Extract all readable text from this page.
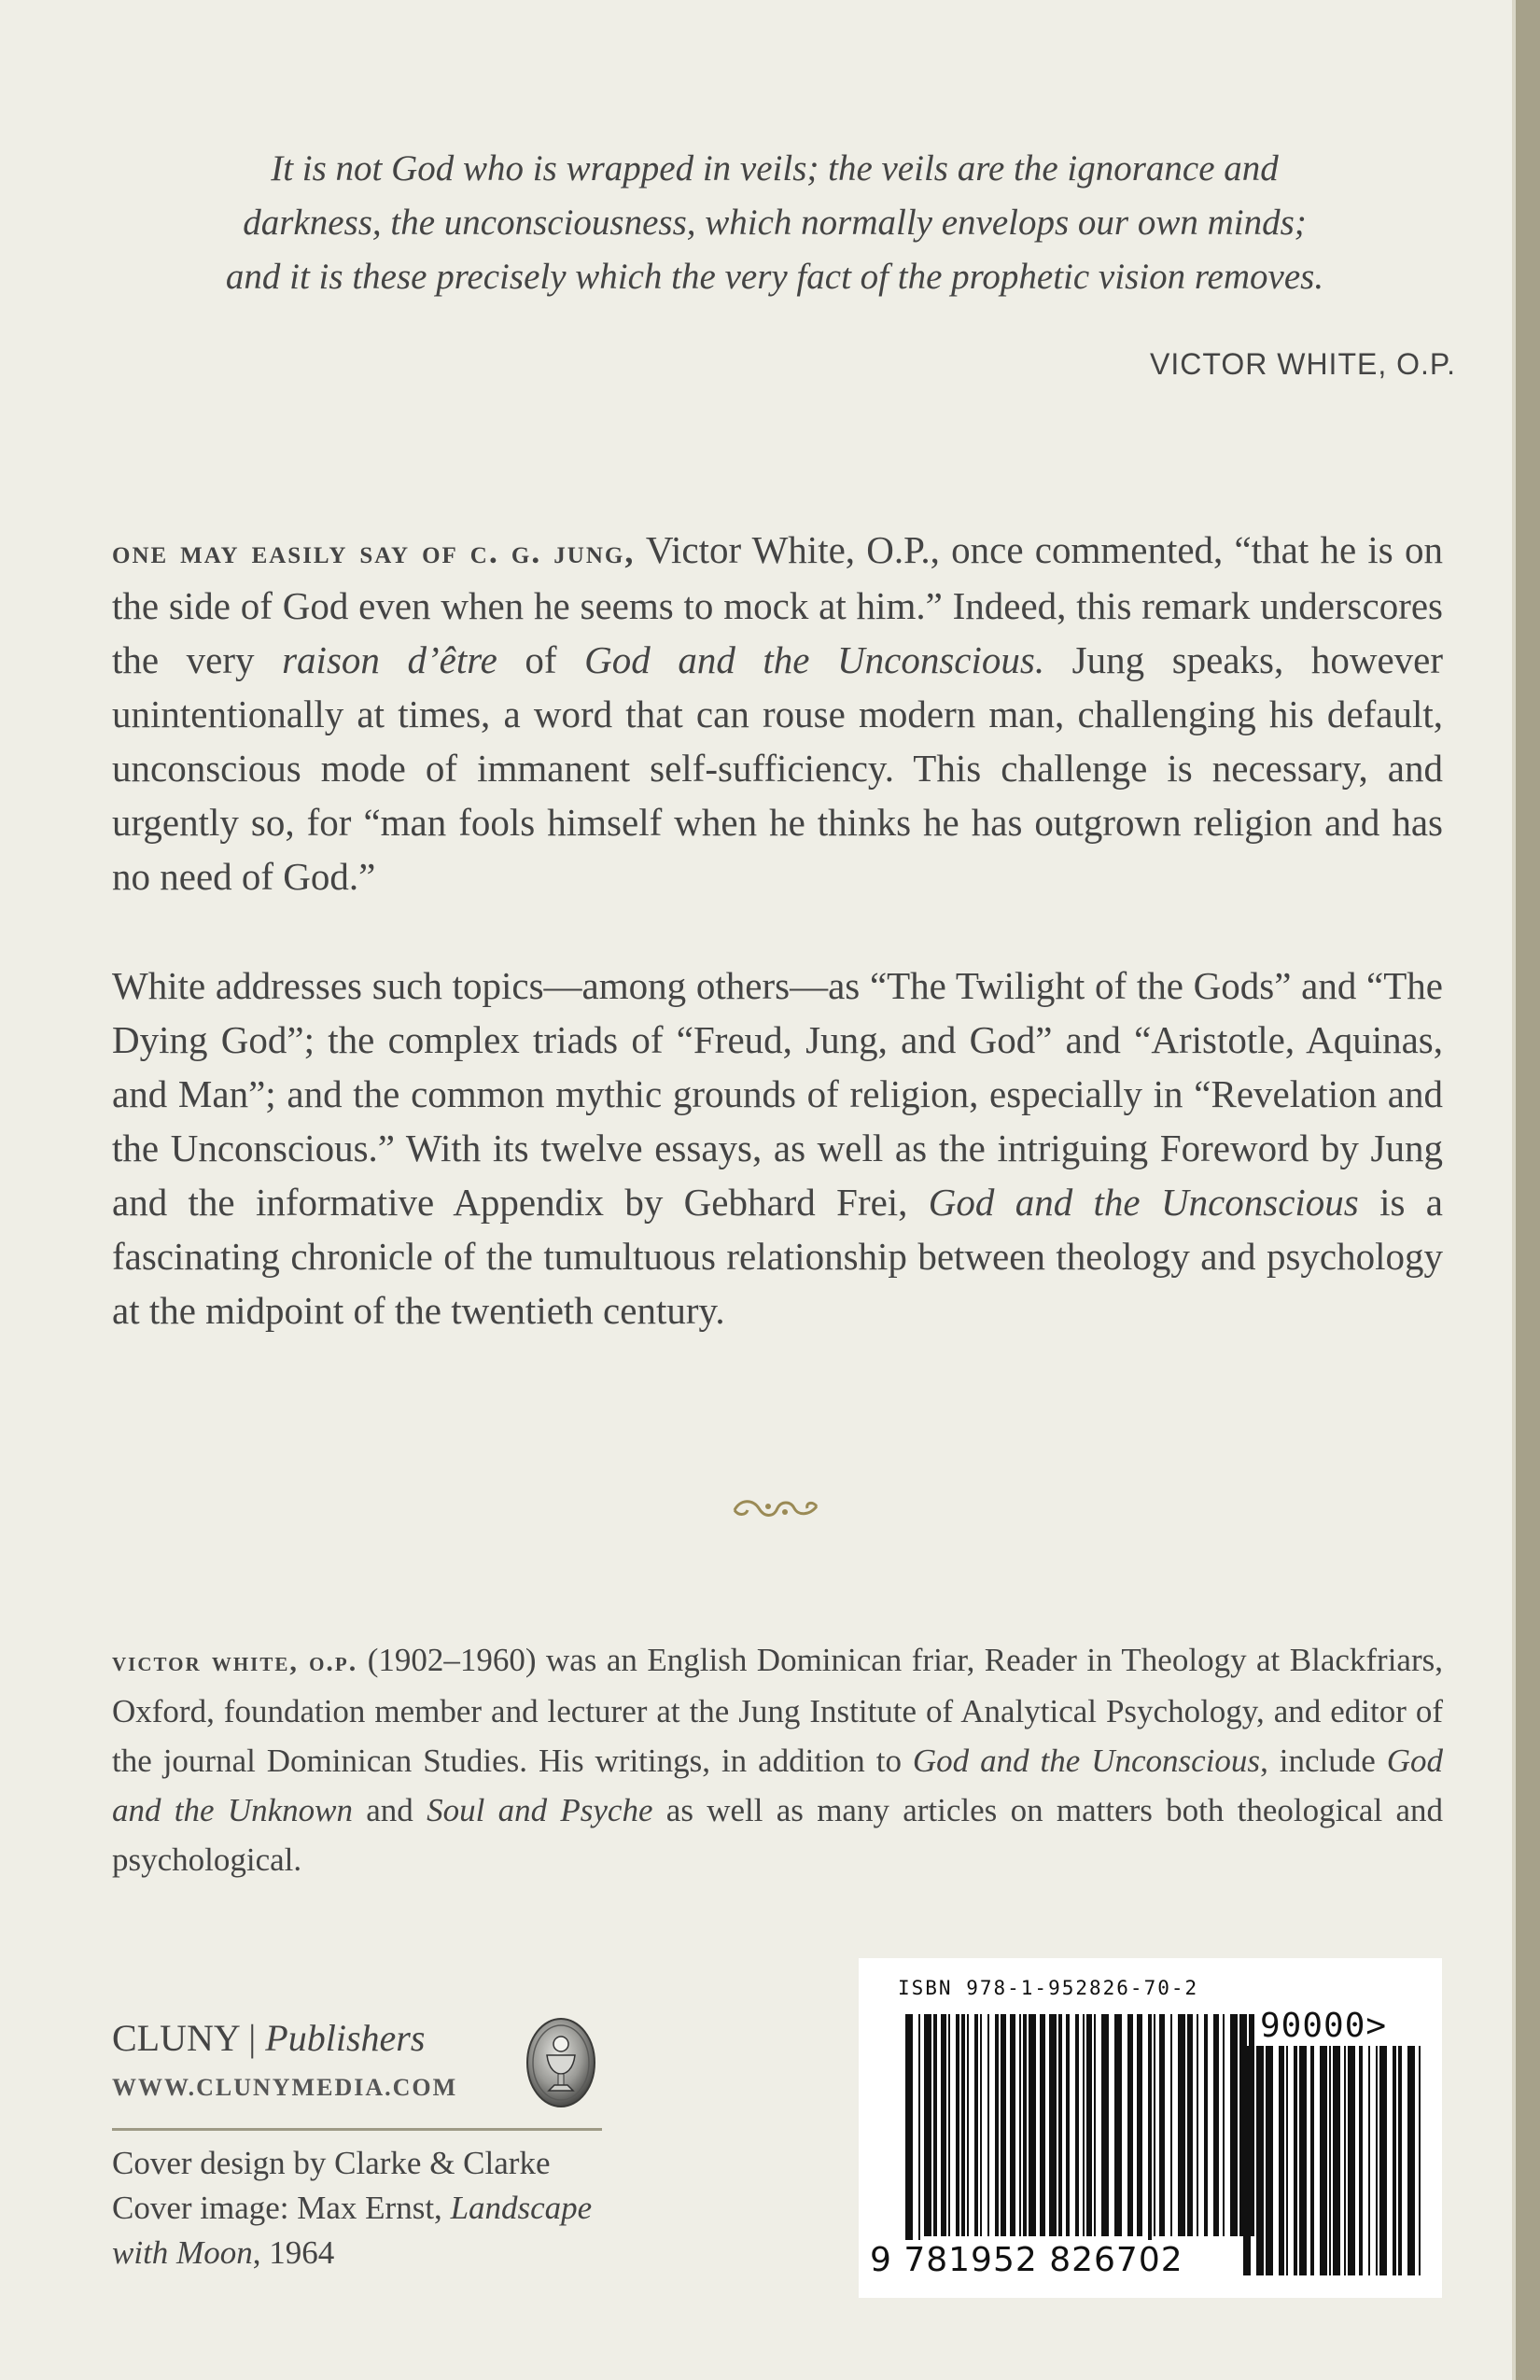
It is not God who is wrapped in veils; the veils are the ignorance and
darkness, the unconsciousness, which normally envelops our own minds;
and it is these precisely which the very fact of the prophetic vision removes.
VICTOR WHITE, O.P.
one may easily say of c. g. jung, Victor White, O.P., once commented, “that he is on the side of God even when he seems to mock at him.” Indeed, this remark underscores the very raison d’être of God and the Unconscious. Jung speaks, however unintentionally at times, a word that can rouse modern man, challenging his default, unconscious mode of immanent self-sufficiency. This challenge is necessary, and urgently so, for “man fools himself when he thinks he has outgrown religion and has no need of God.”
White addresses such topics—among others—as “The Twilight of the Gods” and “The Dying God”; the complex triads of “Freud, Jung, and God” and “Aristotle, Aquinas, and Man”; and the common mythic grounds of religion, especially in “Revelation and the Unconscious.” With its twelve essays, as well as the intriguing Foreword by Jung and the informative Appendix by Gebhard Frei, God and the Unconscious is a fascinating chronicle of the tumultuous relationship between theology and psychology at the midpoint of the twentieth century.
victor white, o.p. (1902–1960) was an English Dominican friar, Reader in Theology at Blackfriars, Oxford, foundation member and lecturer at the Jung Institute of Analytical Psychology, and editor of the journal Dominican Studies. His writings, in addition to God and the Unconscious, include God and the Unknown and Soul and Psyche as well as many articles on matters both theological and psychological.
CLUNY | Publishers
WWW.CLUNYMEDIA.COM
Cover design by Clarke & Clarke
Cover image: Max Ernst, Landscape
with Moon, 1964
ISBN 978-1-952826-70-2
90000>
9 781952 826702
